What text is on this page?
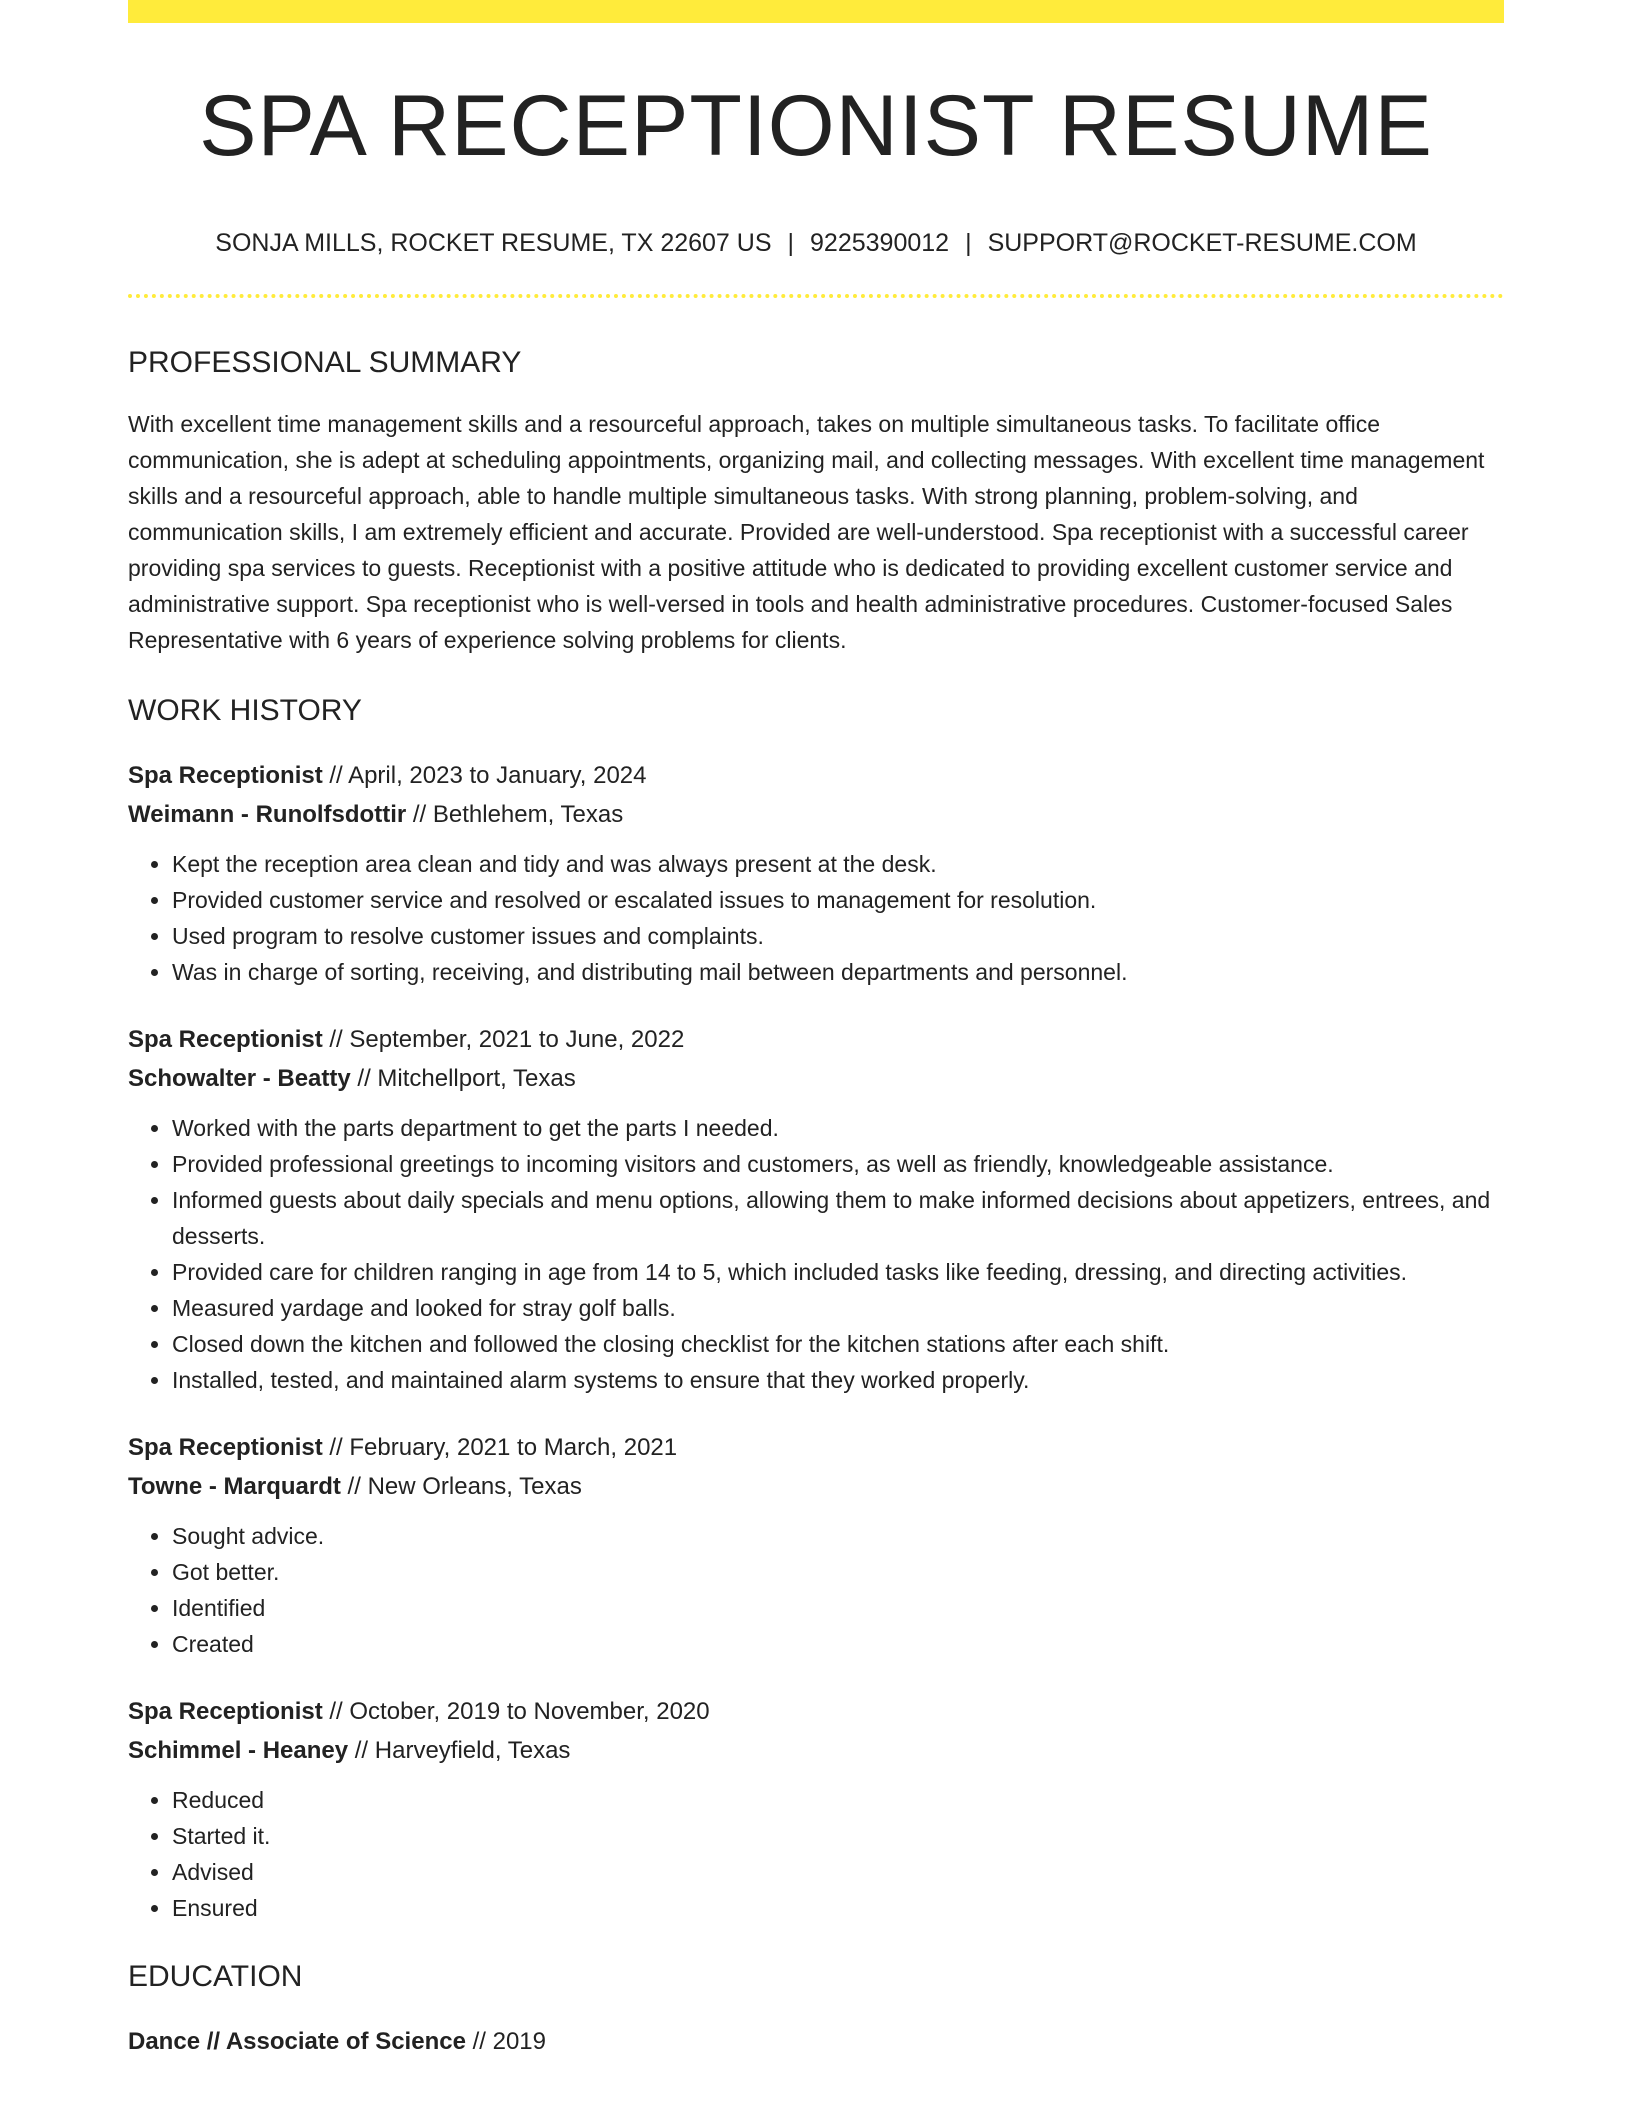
SPA RECEPTIONIST RESUME
SONJA MILLS, ROCKET RESUME, TX 22607 US | 9225390012 | SUPPORT@ROCKET-RESUME.COM
PROFESSIONAL SUMMARY

With excellent time management skills and a resourceful approach, takes on multiple simultaneous tasks. To facilitate office communication, she is adept at scheduling appointments, organizing mail, and collecting messages. With excellent time management skills and a resourceful approach, able to handle multiple simultaneous tasks. With strong planning, problem-solving, and communication skills, I am extremely efficient and accurate. Provided are well-understood. Spa receptionist with a successful career providing spa services to guests. Receptionist with a positive attitude who is dedicated to providing excellent customer service and administrative support. Spa receptionist who is well-versed in tools and health administrative procedures. Customer-focused Sales Representative with 6 years of experience solving problems for clients.

WORK HISTORY
Spa Receptionist // April, 2023 to January, 2024
Weimann - Runolfsdottir // Bethlehem, Texas
• Kept the reception area clean and tidy and was always present at the desk.
• Provided customer service and resolved or escalated issues to management for resolution.
• Used program to resolve customer issues and complaints.
• Was in charge of sorting, receiving, and distributing mail between departments and personnel.
Spa Receptionist // September, 2021 to June, 2022
Schowalter - Beatty // Mitchellport, Texas
• Worked with the parts department to get the parts I needed.
• Provided professional greetings to incoming visitors and customers, as well as friendly, knowledgeable assistance.
• Informed guests about daily specials and menu options, allowing them to make informed decisions about appetizers, entrees, and desserts.
• Provided care for children ranging in age from 14 to 5, which included tasks like feeding, dressing, and directing activities.
• Measured yardage and looked for stray golf balls.
• Closed down the kitchen and followed the closing checklist for the kitchen stations after each shift.
• Installed, tested, and maintained alarm systems to ensure that they worked properly.
Spa Receptionist // February, 2021 to March, 2021
Towne - Marquardt // New Orleans, Texas
• Sought advice.
• Got better.
• Identified
• Created
Spa Receptionist // October, 2019 to November, 2020
Schimmel - Heaney // Harveyfield, Texas
• Reduced
• Started it.
• Advised
• Ensured
EDUCATION
Dance // Associate of Science // 2019
